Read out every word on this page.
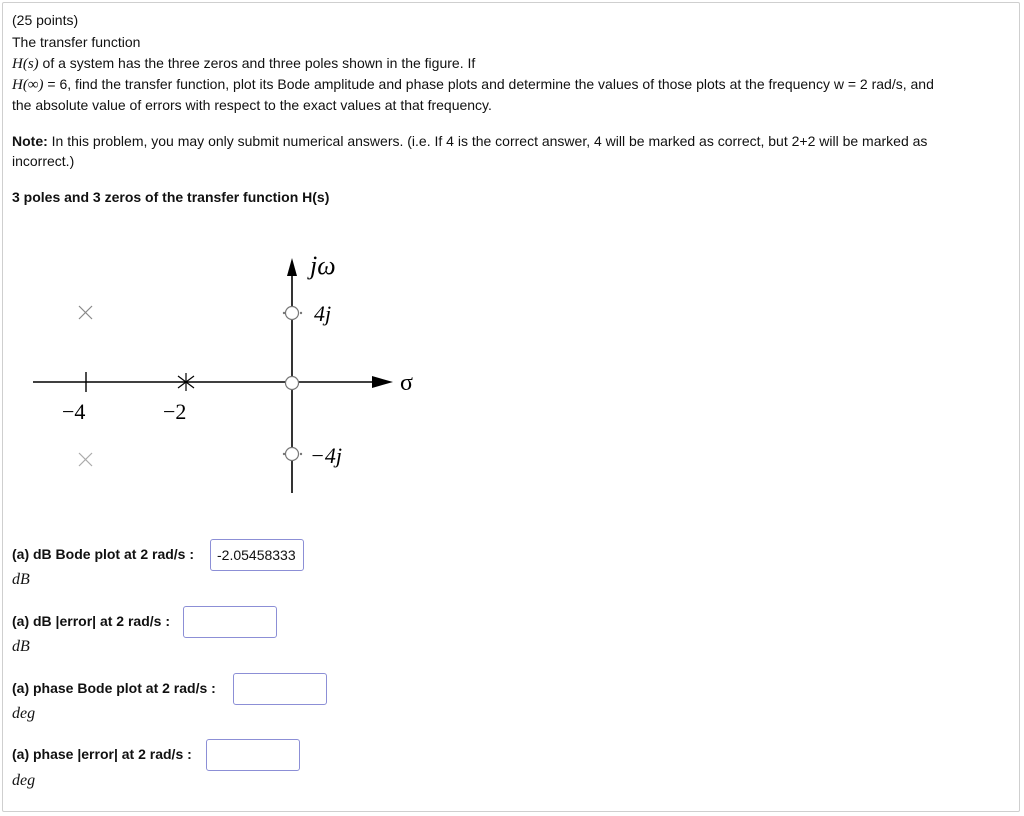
(25 points)
The transfer function
H(s) of a system has the three zeros and three poles shown in the figure. If
H(∞) = 6, find the transfer function, plot its Bode amplitude and phase plots and determine the values of those plots at the frequency w = 2 rad/s, and
the absolute value of errors with respect to the exact values at that frequency.
Note: In this problem, you may only submit numerical answers. (i.e. If 4 is the correct answer, 4 will be marked as correct, but 2+2 will be marked as
incorrect.)
3 poles and 3 zeros of the transfer function H(s)
jω
4j
−4j
σ
−4	−2
(a) dB Bode plot at 2 rad/s :
-2.05458333
dB
(a) dB |error| at 2 rad/s :
dB
(a) phase Bode plot at 2 rad/s :
deg
(a) phase |error| at 2 rad/s :
deg
